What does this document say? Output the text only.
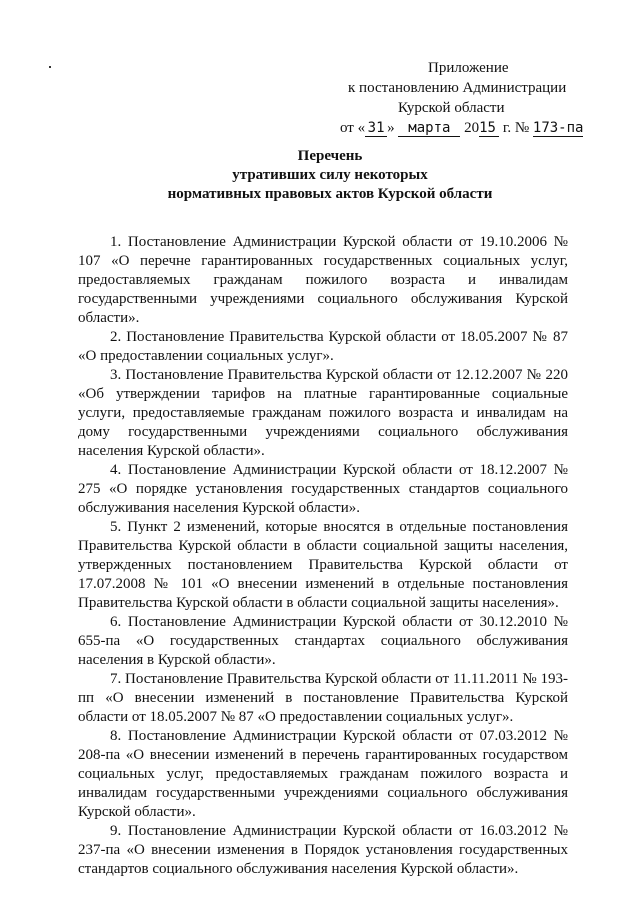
Приложение
к постановлению Администрации
Курской области
от « 31 » марта 2015 г. № 173-па
Перечень
утративших силу некоторых
нормативных правовых актов Курской области

1. Постановление Администрации Курской области от 19.10.2006 № 107 «О перечне гарантированных государственных социальных услуг, предоставляемых гражданам пожилого возраста и инвалидам государственными учреждениями социального обслуживания Курской области».

2. Постановление Правительства Курской области от 18.05.2007 № 87 «О предоставлении социальных услуг».

3. Постановление Правительства Курской области от 12.12.2007 № 220 «Об утверждении тарифов на платные гарантированные социальные услуги, предоставляемые гражданам пожилого возраста и инвалидам на дому государственными учреждениями социального обслуживания населения Курской области».

4. Постановление Администрации Курской области от 18.12.2007 № 275 «О порядке установления государственных стандартов социального обслуживания населения Курской области».

5. Пункт 2 изменений, которые вносятся в отдельные постановления Правительства Курской области в области социальной защиты населения, утвержденных постановлением Правительства Курской области от 17.07.2008 № 101 «О внесении изменений в отдельные постановления Правительства Курской области в области социальной защиты населения».

6. Постановление Администрации Курской области от 30.12.2010 № 655-па «О государственных стандартах социального обслуживания населения в Курской области».

7. Постановление Правительства Курской области от 11.11.2011 № 193-пп «О внесении изменений в постановление Правительства Курской области от 18.05.2007 № 87 «О предоставлении социальных услуг».

8. Постановление Администрации Курской области от 07.03.2012 № 208-па «О внесении изменений в перечень гарантированных государством социальных услуг, предоставляемых гражданам пожилого возраста и инвалидам государственными учреждениями социального обслуживания Курской области».

9. Постановление Администрации Курской области от 16.03.2012 № 237-па «О внесении изменения в Порядок установления государственных стандартов социального обслуживания населения Курской области».
